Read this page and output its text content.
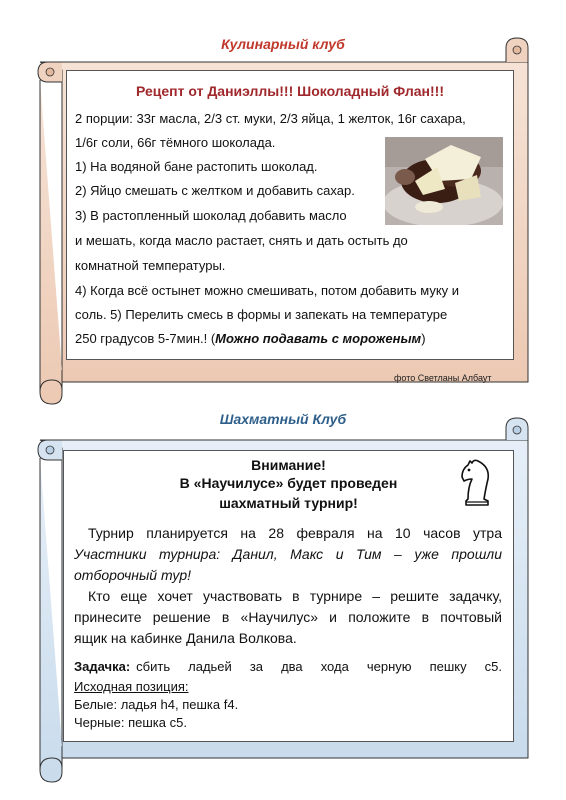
Кулинарный клуб
Рецепт от Даниэллы!!! Шоколадный Флан!!!
2 порции: 33г масла, 2/3 ст. муки, 2/3 яйца, 1 желток, 16г сахара,
1/6г соли, 66г тёмного шоколада.
1) На водяной бане растопить шоколад.
2) Яйцо смешать с желтком и добавить сахар.
3) В растопленный шоколад добавить масло
и мешать, когда масло растает, снять и дать остыть до
комнатной температуры.
4) Когда всё остынет можно смешивать, потом добавить муку и
соль. 5) Перелить смесь в формы и запекать на температуре
250 градусов 5-7мин.! (Можно подавать с мороженым)
фото Светланы Албаут
Шахматный Клуб
Внимание!
В «Научилусе» будет проведен
шахматный турнир!
Турнир планируется на 28 февраля на 10 часов утра
Участники турнира: Данил, Макс и Тим – уже прошли
отборочный тур!
Кто еще хочет участвовать в турнире – решите задачку,
принесите решение в «Научилус» и положите в почтовый
ящик на кабинке Данила Волкова.
Задачка: сбить ладьей за два хода черную пешку с5.
Исходная позиция:
Белые: ладья h4, пешка f4.
Черные: пешка с5.
